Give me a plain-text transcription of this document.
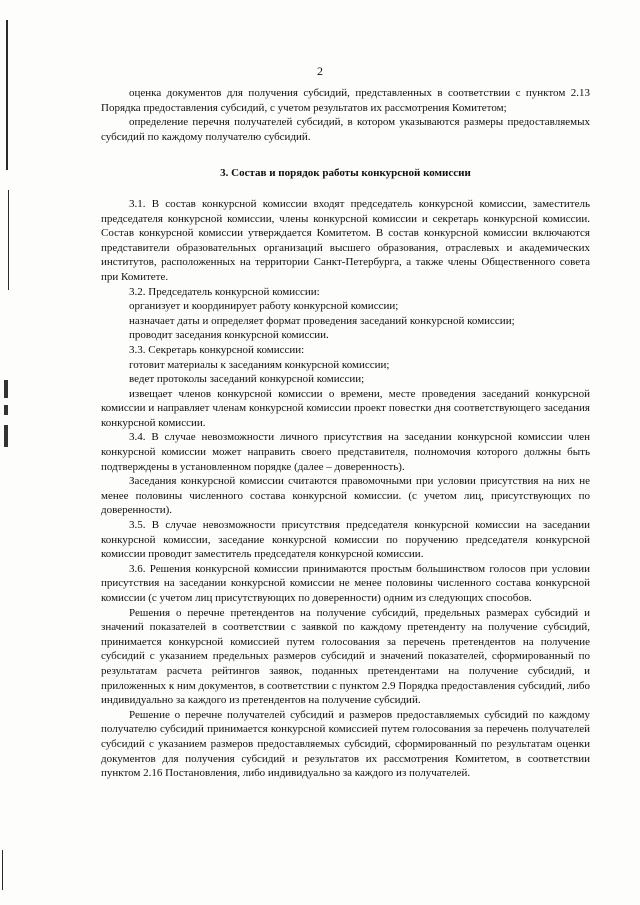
2

оценка документов для получения субсидий, представленных в соответствии с пунктом 2.13 Порядка предоставления субсидий, с учетом результатов их рассмотрения Комитетом;

определение перечня получателей субсидий, в котором указываются размеры предоставляемых субсидий по каждому получателю субсидий.

3. Состав и порядок работы конкурсной комиссии

3.1. В состав конкурсной комиссии входят председатель конкурсной комиссии, заместитель председателя конкурсной комиссии, члены конкурсной комиссии и секретарь конкурсной комиссии. Состав конкурсной комиссии утверждается Комитетом. В состав конкурсной комиссии включаются представители образовательных организаций высшего образования, отраслевых и академических институтов, расположенных на территории Санкт-Петербурга, а также члены Общественного совета при Комитете.

3.2. Председатель конкурсной комиссии:

организует и координирует работу конкурсной комиссии;

назначает даты и определяет формат проведения заседаний конкурсной комиссии;

проводит заседания конкурсной комиссии.

3.3. Секретарь конкурсной комиссии:

готовит материалы к заседаниям конкурсной комиссии;

ведет протоколы заседаний конкурсной комиссии;

извещает членов конкурсной комиссии о времени, месте проведения заседаний конкурсной комиссии и направляет членам конкурсной комиссии проект повестки дня соответствующего заседания конкурсной комиссии.

3.4. В случае невозможности личного присутствия на заседании конкурсной комиссии член конкурсной комиссии может направить своего представителя, полномочия которого должны быть подтверждены в установленном порядке (далее – доверенность).

Заседания конкурсной комиссии считаются правомочными при условии присутствия на них не менее половины численного состава конкурсной комиссии. (с учетом лиц, присутствующих по доверенности).

3.5. В случае невозможности присутствия председателя конкурсной комиссии на заседании конкурсной комиссии, заседание конкурсной комиссии по поручению председателя конкурсной комиссии проводит заместитель председателя конкурсной комиссии.

3.6. Решения конкурсной комиссии принимаются простым большинством голосов при условии присутствия на заседании конкурсной комиссии не менее половины численного состава конкурсной комиссии (с учетом лиц присутствующих по доверенности) одним из следующих способов.

Решения о перечне претендентов на получение субсидий, предельных размерах субсидий и значений показателей в соответствии с заявкой по каждому претенденту на получение субсидий, принимается конкурсной комиссией путем голосования за перечень претендентов на получение субсидий с указанием предельных размеров субсидий и значений показателей, сформированный по результатам расчета рейтингов заявок, поданных претендентами на получение субсидий, и приложенных к ним документов, в соответствии с пунктом 2.9 Порядка предоставления субсидий, либо индивидуально за каждого из претендентов на получение субсидий.

Решение о перечне получателей субсидий и размеров предоставляемых субсидий по каждому получателю субсидий принимается конкурсной комиссией путем голосования за перечень получателей субсидий с указанием размеров предоставляемых субсидий, сформированный по результатам оценки документов для получения субсидий и результатов их рассмотрения Комитетом, в соответствии пунктом 2.16 Постановления, либо индивидуально за каждого из получателей.
